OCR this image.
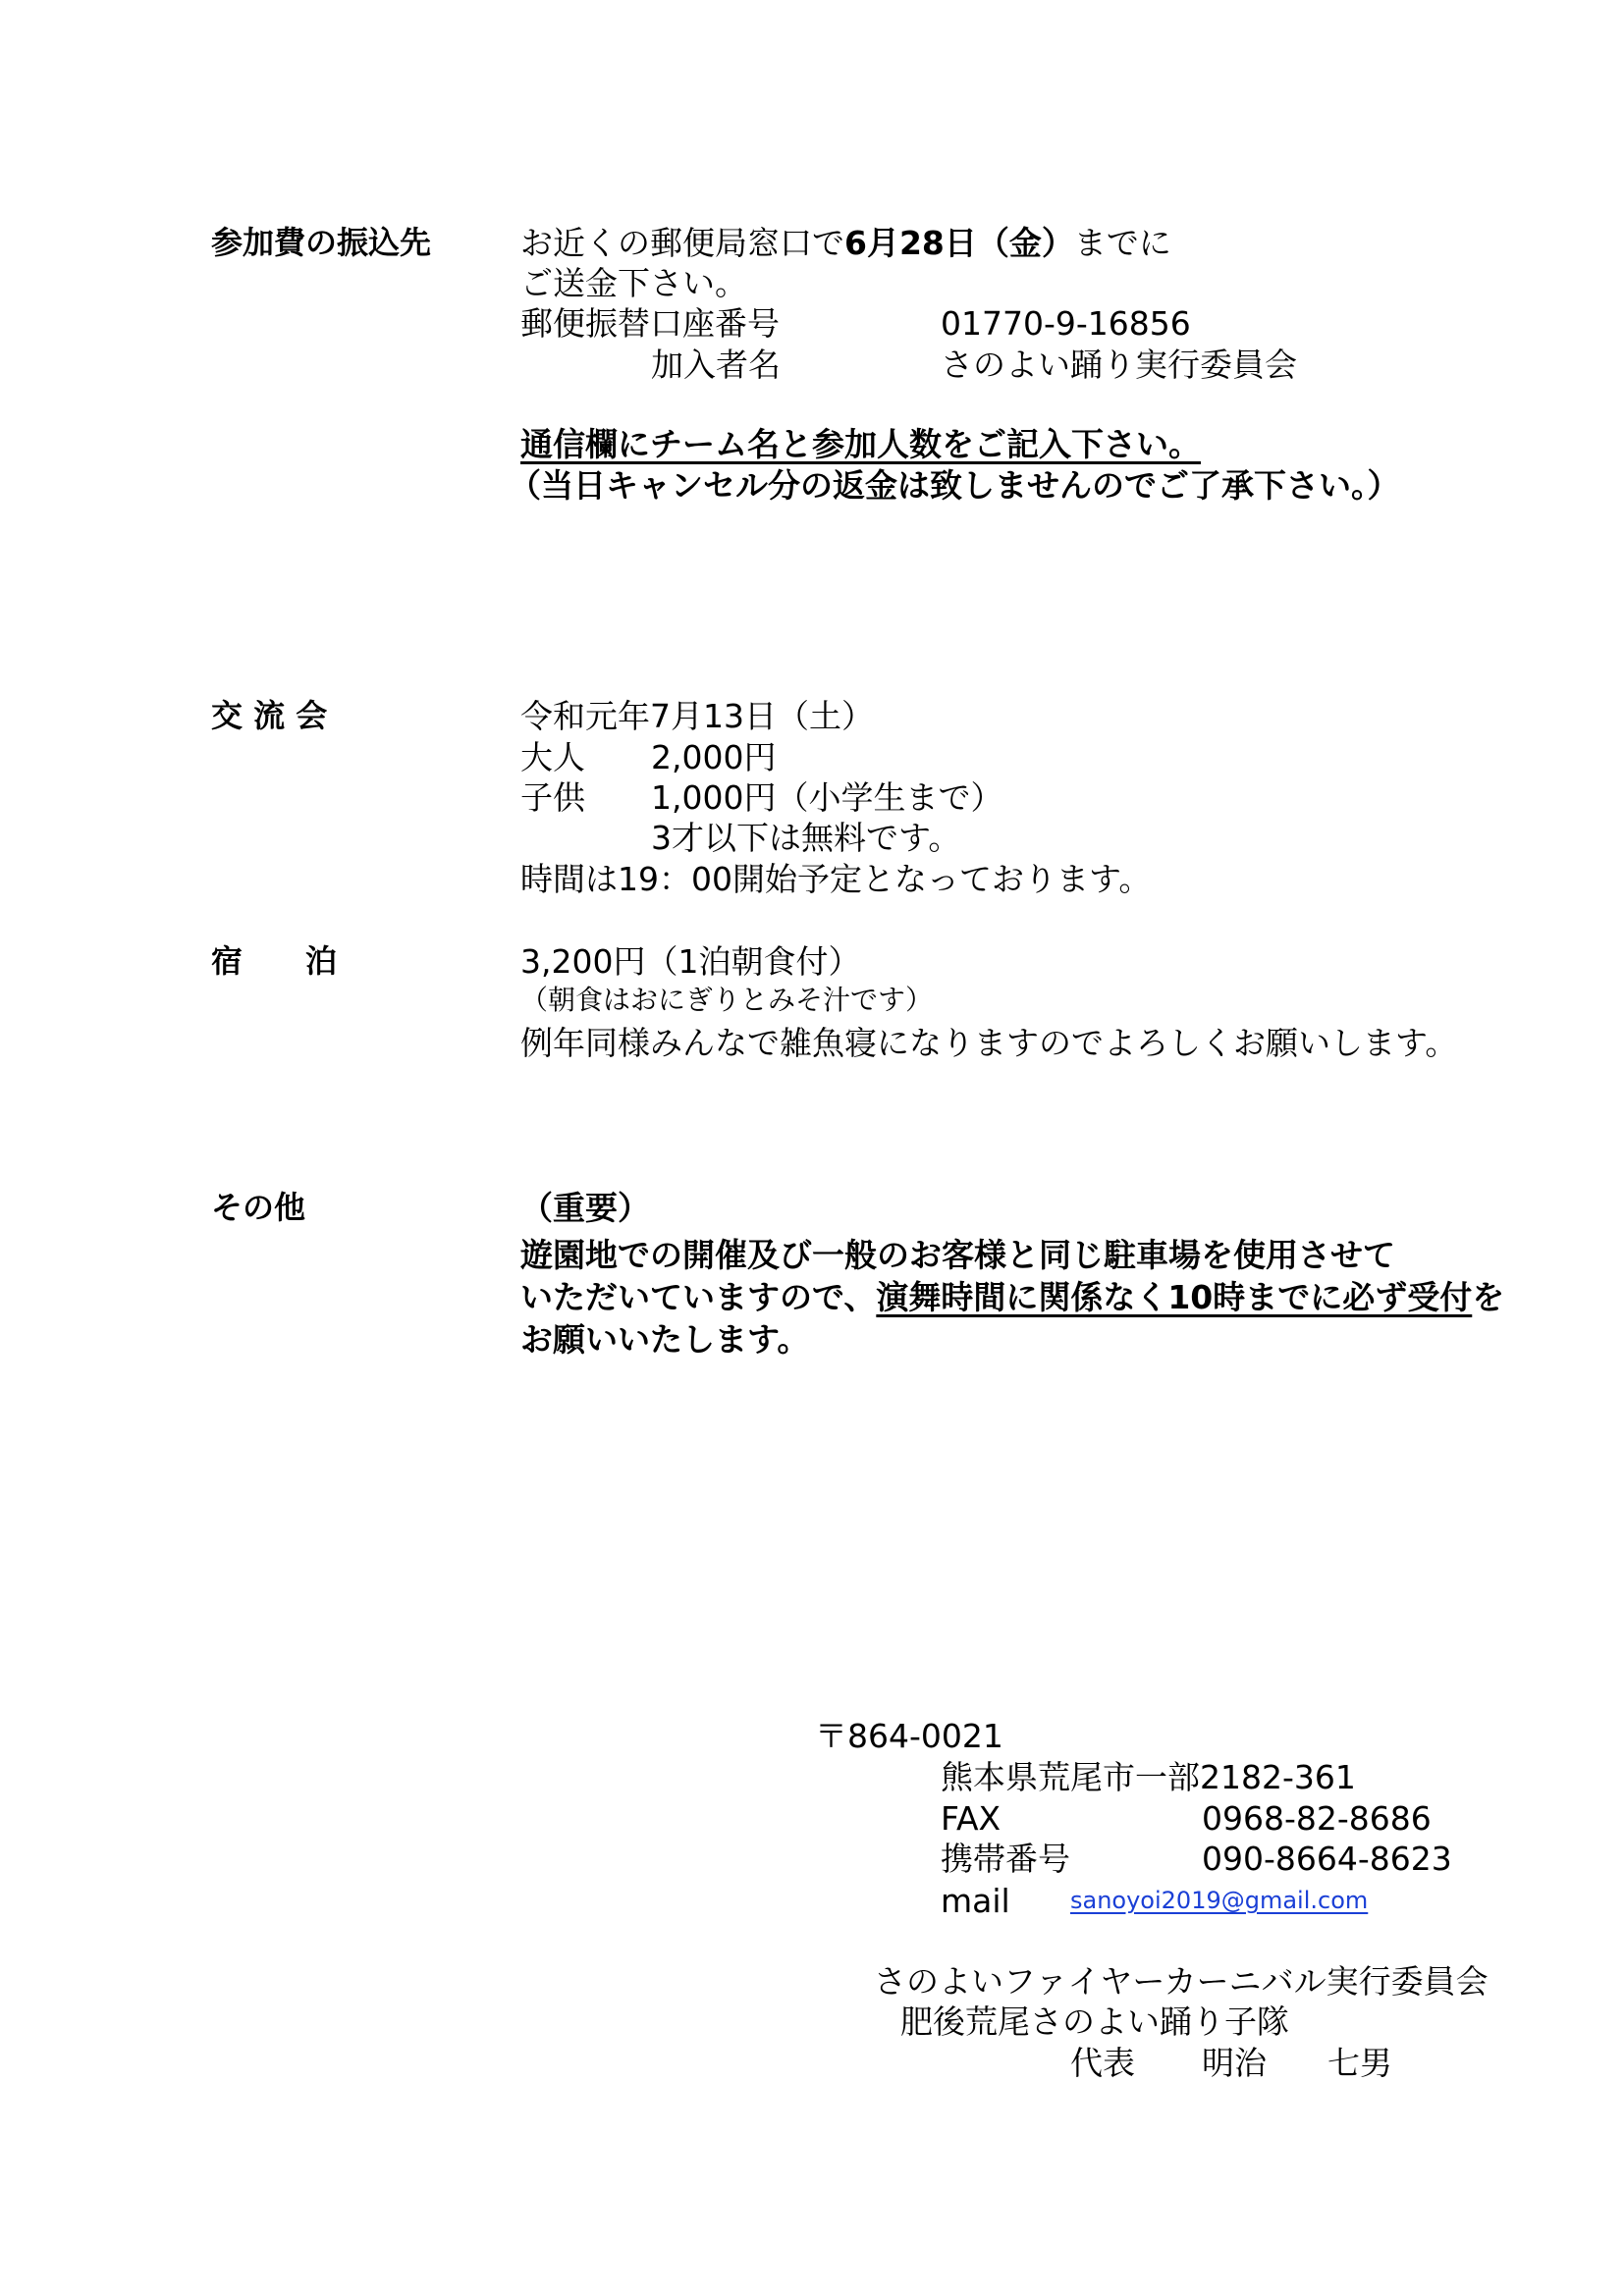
参加費の振込先	お近くの郵便局窓口で6月28日（金）までに
ご送金下さい。
郵便振替口座番号	01770-9-16856
加入者名	さのよい踊り実行委員会
通信欄にチーム名と参加人数をご記入下さい。
（当日キャンセル分の返金は致しませんのでご了承下さい。）
交 流 会	令和元年7月13日（土）
大人 2,000円
子供 1,000円（小学生まで）
3才以下は無料です。
時間は19：00開始予定となっております。
宿　　泊	3,200円（1泊朝食付）
（朝食はおにぎりとみそ汁です）
例年同様みんなで雑魚寝になりますのでよろしくお願いします。
その他	（重要）
遊園地での開催及び一般のお客様と同じ駐車場を使用させて
いただいていますので、演舞時間に関係なく10時までに必ず受付を
お願いいたします。
〒864-0021
熊本県荒尾市一部2182-361
FAX	0968-82-8686
携帯番号	090-8664-8623
mail	sanoyoi2019@gmail.com
さのよいファイヤーカーニバル実行委員会
肥後荒尾さのよい踊り子隊
代表 明治 七男
